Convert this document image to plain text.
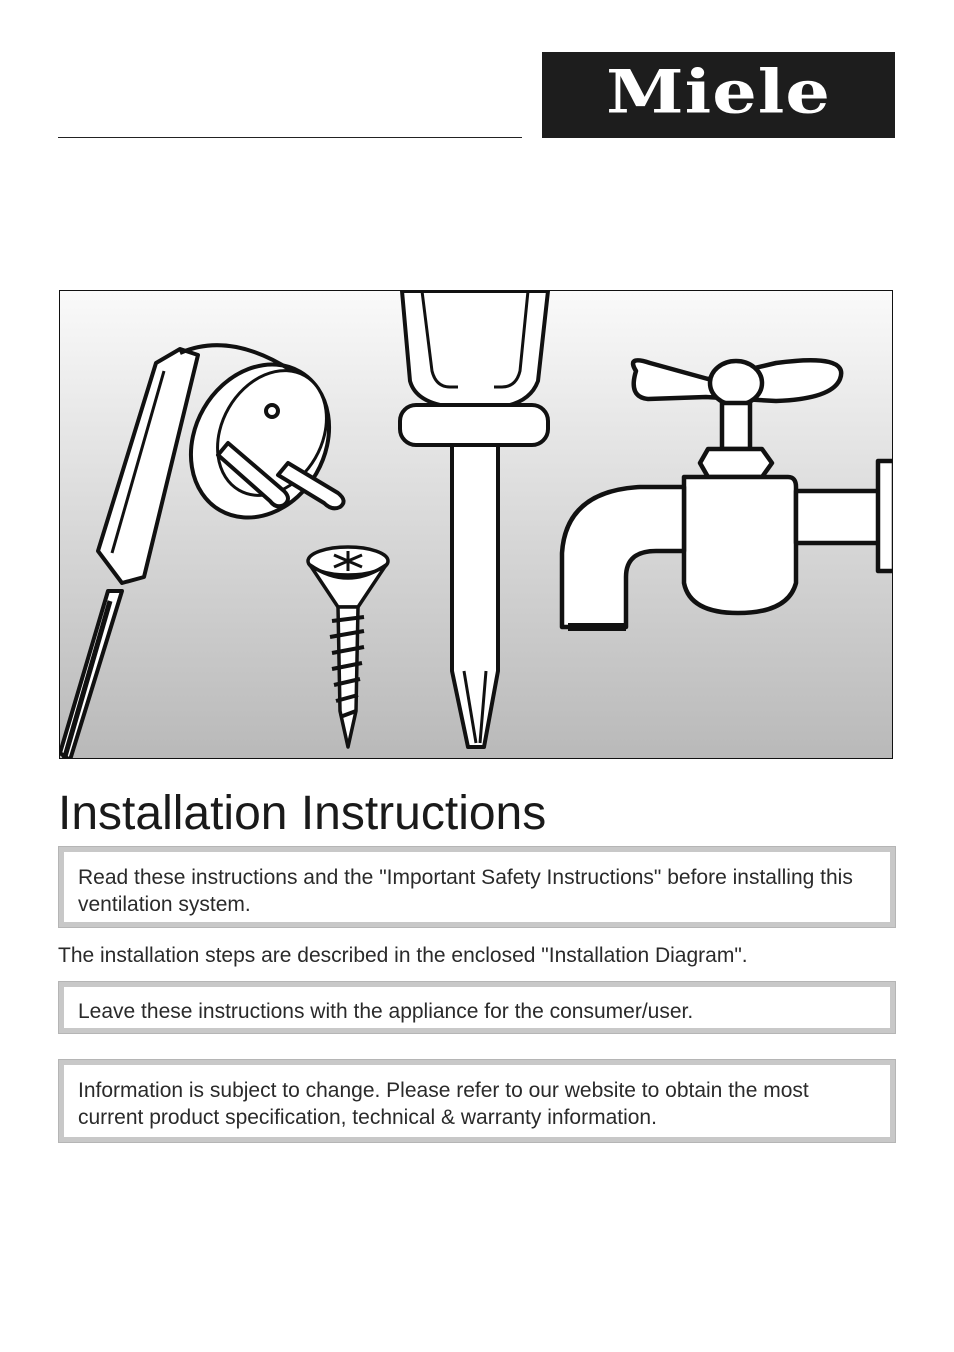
Miele
Installation Instructions
Read these instructions and the "Important Safety Instructions" before installing this ventilation system.

The installation steps are described in the enclosed "Installation Diagram".

Leave these instructions with the appliance for the consumer/user.
Information is subject to change. Please refer to our website to obtain the most current product specification, technical & warranty information.
